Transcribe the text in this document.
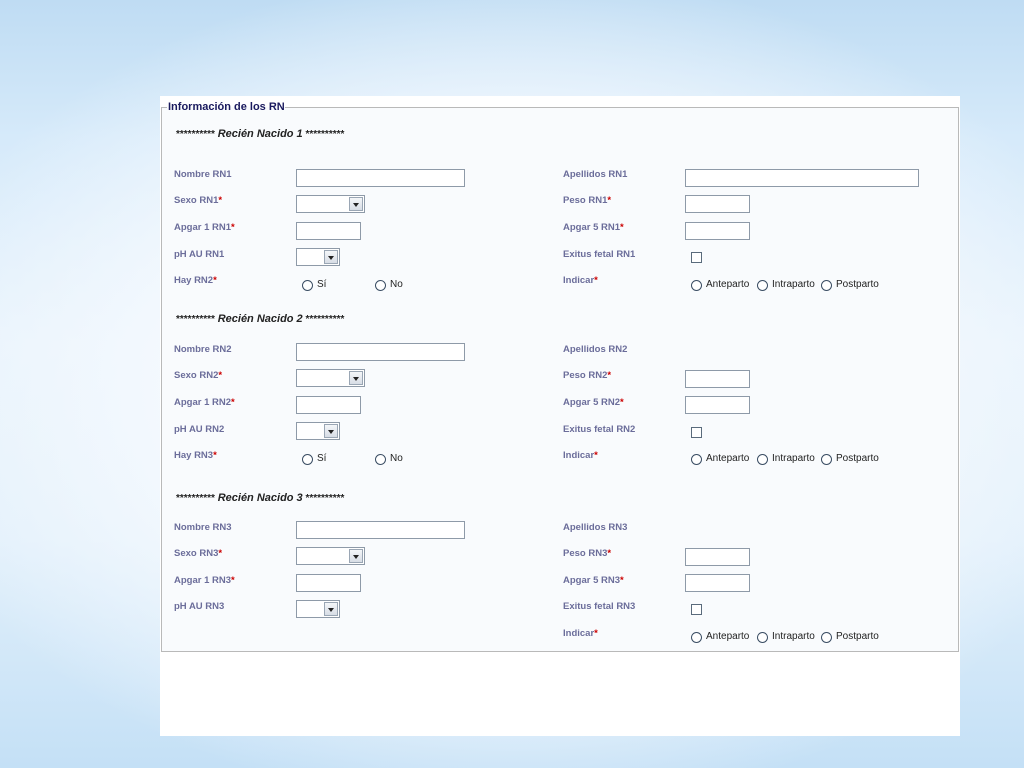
Información de los RN
********** Recién Nacido 1 **********
Nombre RN1	Apellidos RN1
Sexo RN1*	Peso RN1*
Apgar 1 RN1*	Apgar 5 RN1*
pH AU RN1	Exitus fetal RN1
Hay RN2*	Sí	No	Indicar*	Anteparto Intraparto Postparto
********** Recién Nacido 2 **********
Nombre RN2	Apellidos RN2
Sexo RN2*	Peso RN2*
Apgar 1 RN2*	Apgar 5 RN2*
pH AU RN2	Exitus fetal RN2
Hay RN3*	Sí	No	Indicar*	Anteparto Intraparto Postparto
********** Recién Nacido 3 **********
Nombre RN3	Apellidos RN3
Sexo RN3*	Peso RN3*
Apgar 1 RN3*	Apgar 5 RN3*
pH AU RN3	Exitus fetal RN3
Indicar*	Anteparto Intraparto Postparto
